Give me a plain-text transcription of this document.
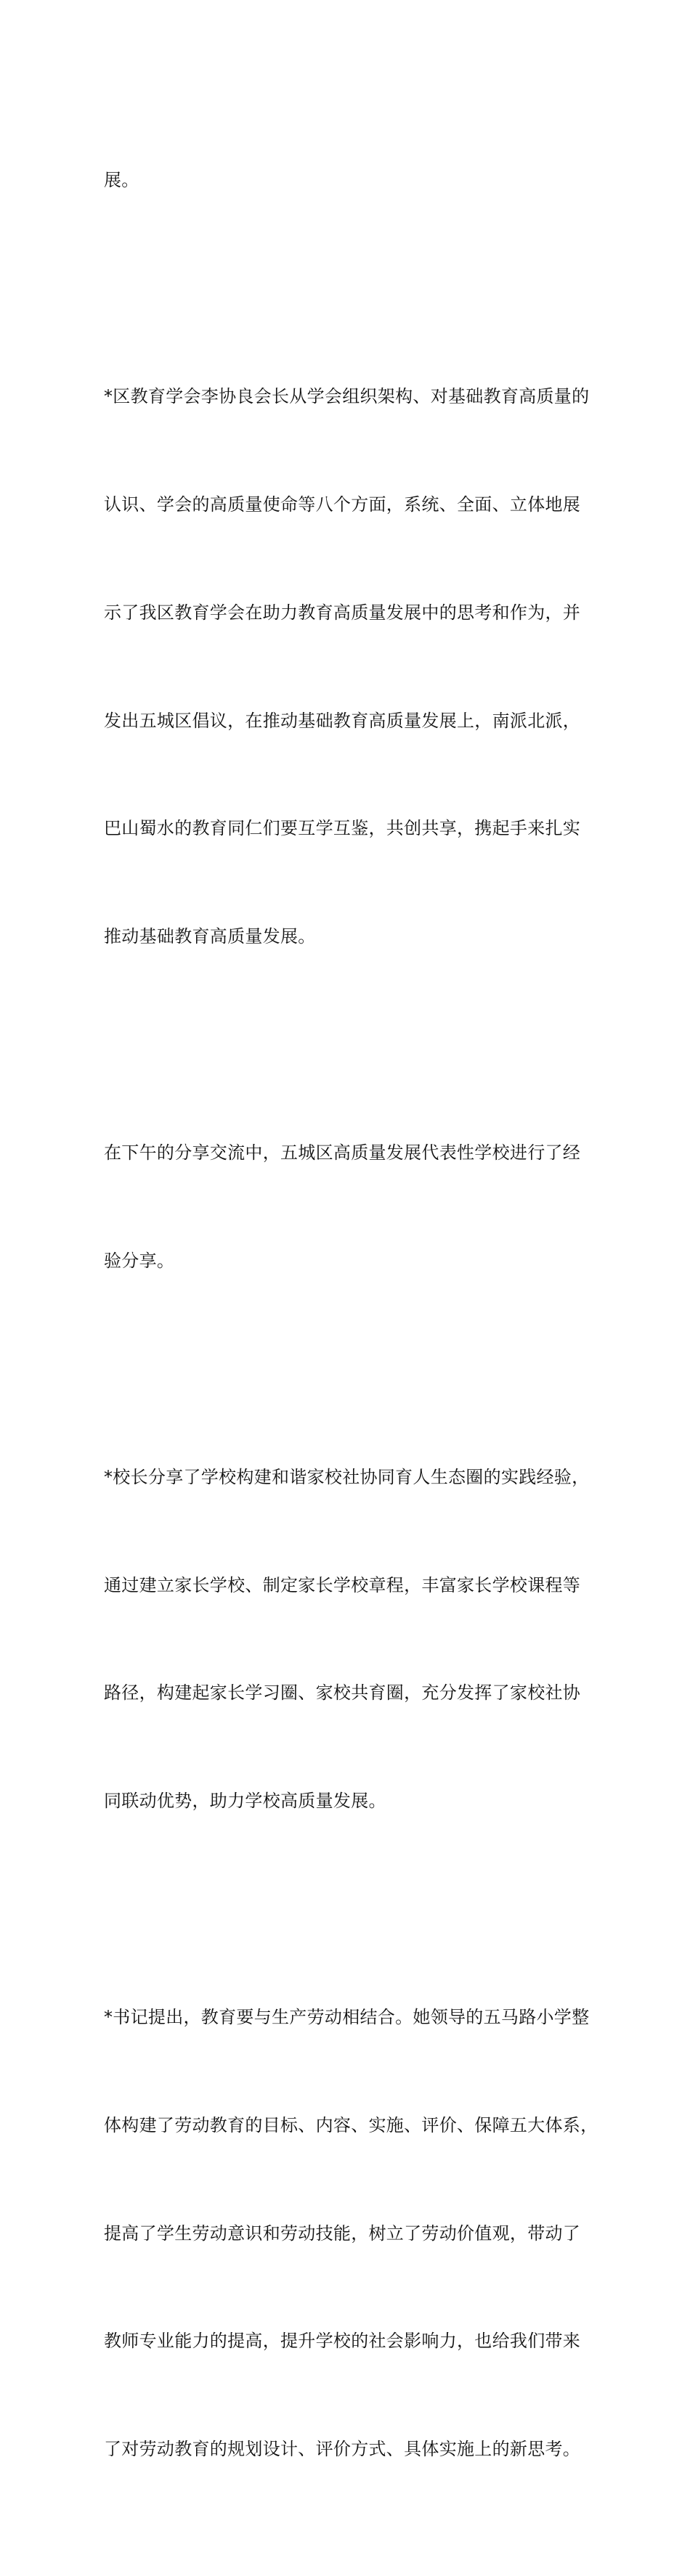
展。

*区教育学会李协良会长从学会组织架构、对基础教育高质量的

认识、学会的高质量使命等八个方面，系统、全面、立体地展

示了我区教育学会在助力教育高质量发展中的思考和作为，并

发出五城区倡议，在推动基础教育高质量发展上，南派北派，

巴山蜀水的教育同仁们要互学互鉴，共创共享，携起手来扎实

推动基础教育高质量发展。

在下午的分享交流中，五城区高质量发展代表性学校进行了经

验分享。

*校长分享了学校构建和谐家校社协同育人生态圈的实践经验，

通过建立家长学校、制定家长学校章程，丰富家长学校课程等

路径，构建起家长学习圈、家校共育圈，充分发挥了家校社协

同联动优势，助力学校高质量发展。

*书记提出，教育要与生产劳动相结合。她领导的五马路小学整

体构建了劳动教育的目标、内容、实施、评价、保障五大体系，

提高了学生劳动意识和劳动技能，树立了劳动价值观，带动了

教师专业能力的提高，提升学校的社会影响力，也给我们带来

了对劳动教育的规划设计、评价方式、具体实施上的新思考。
